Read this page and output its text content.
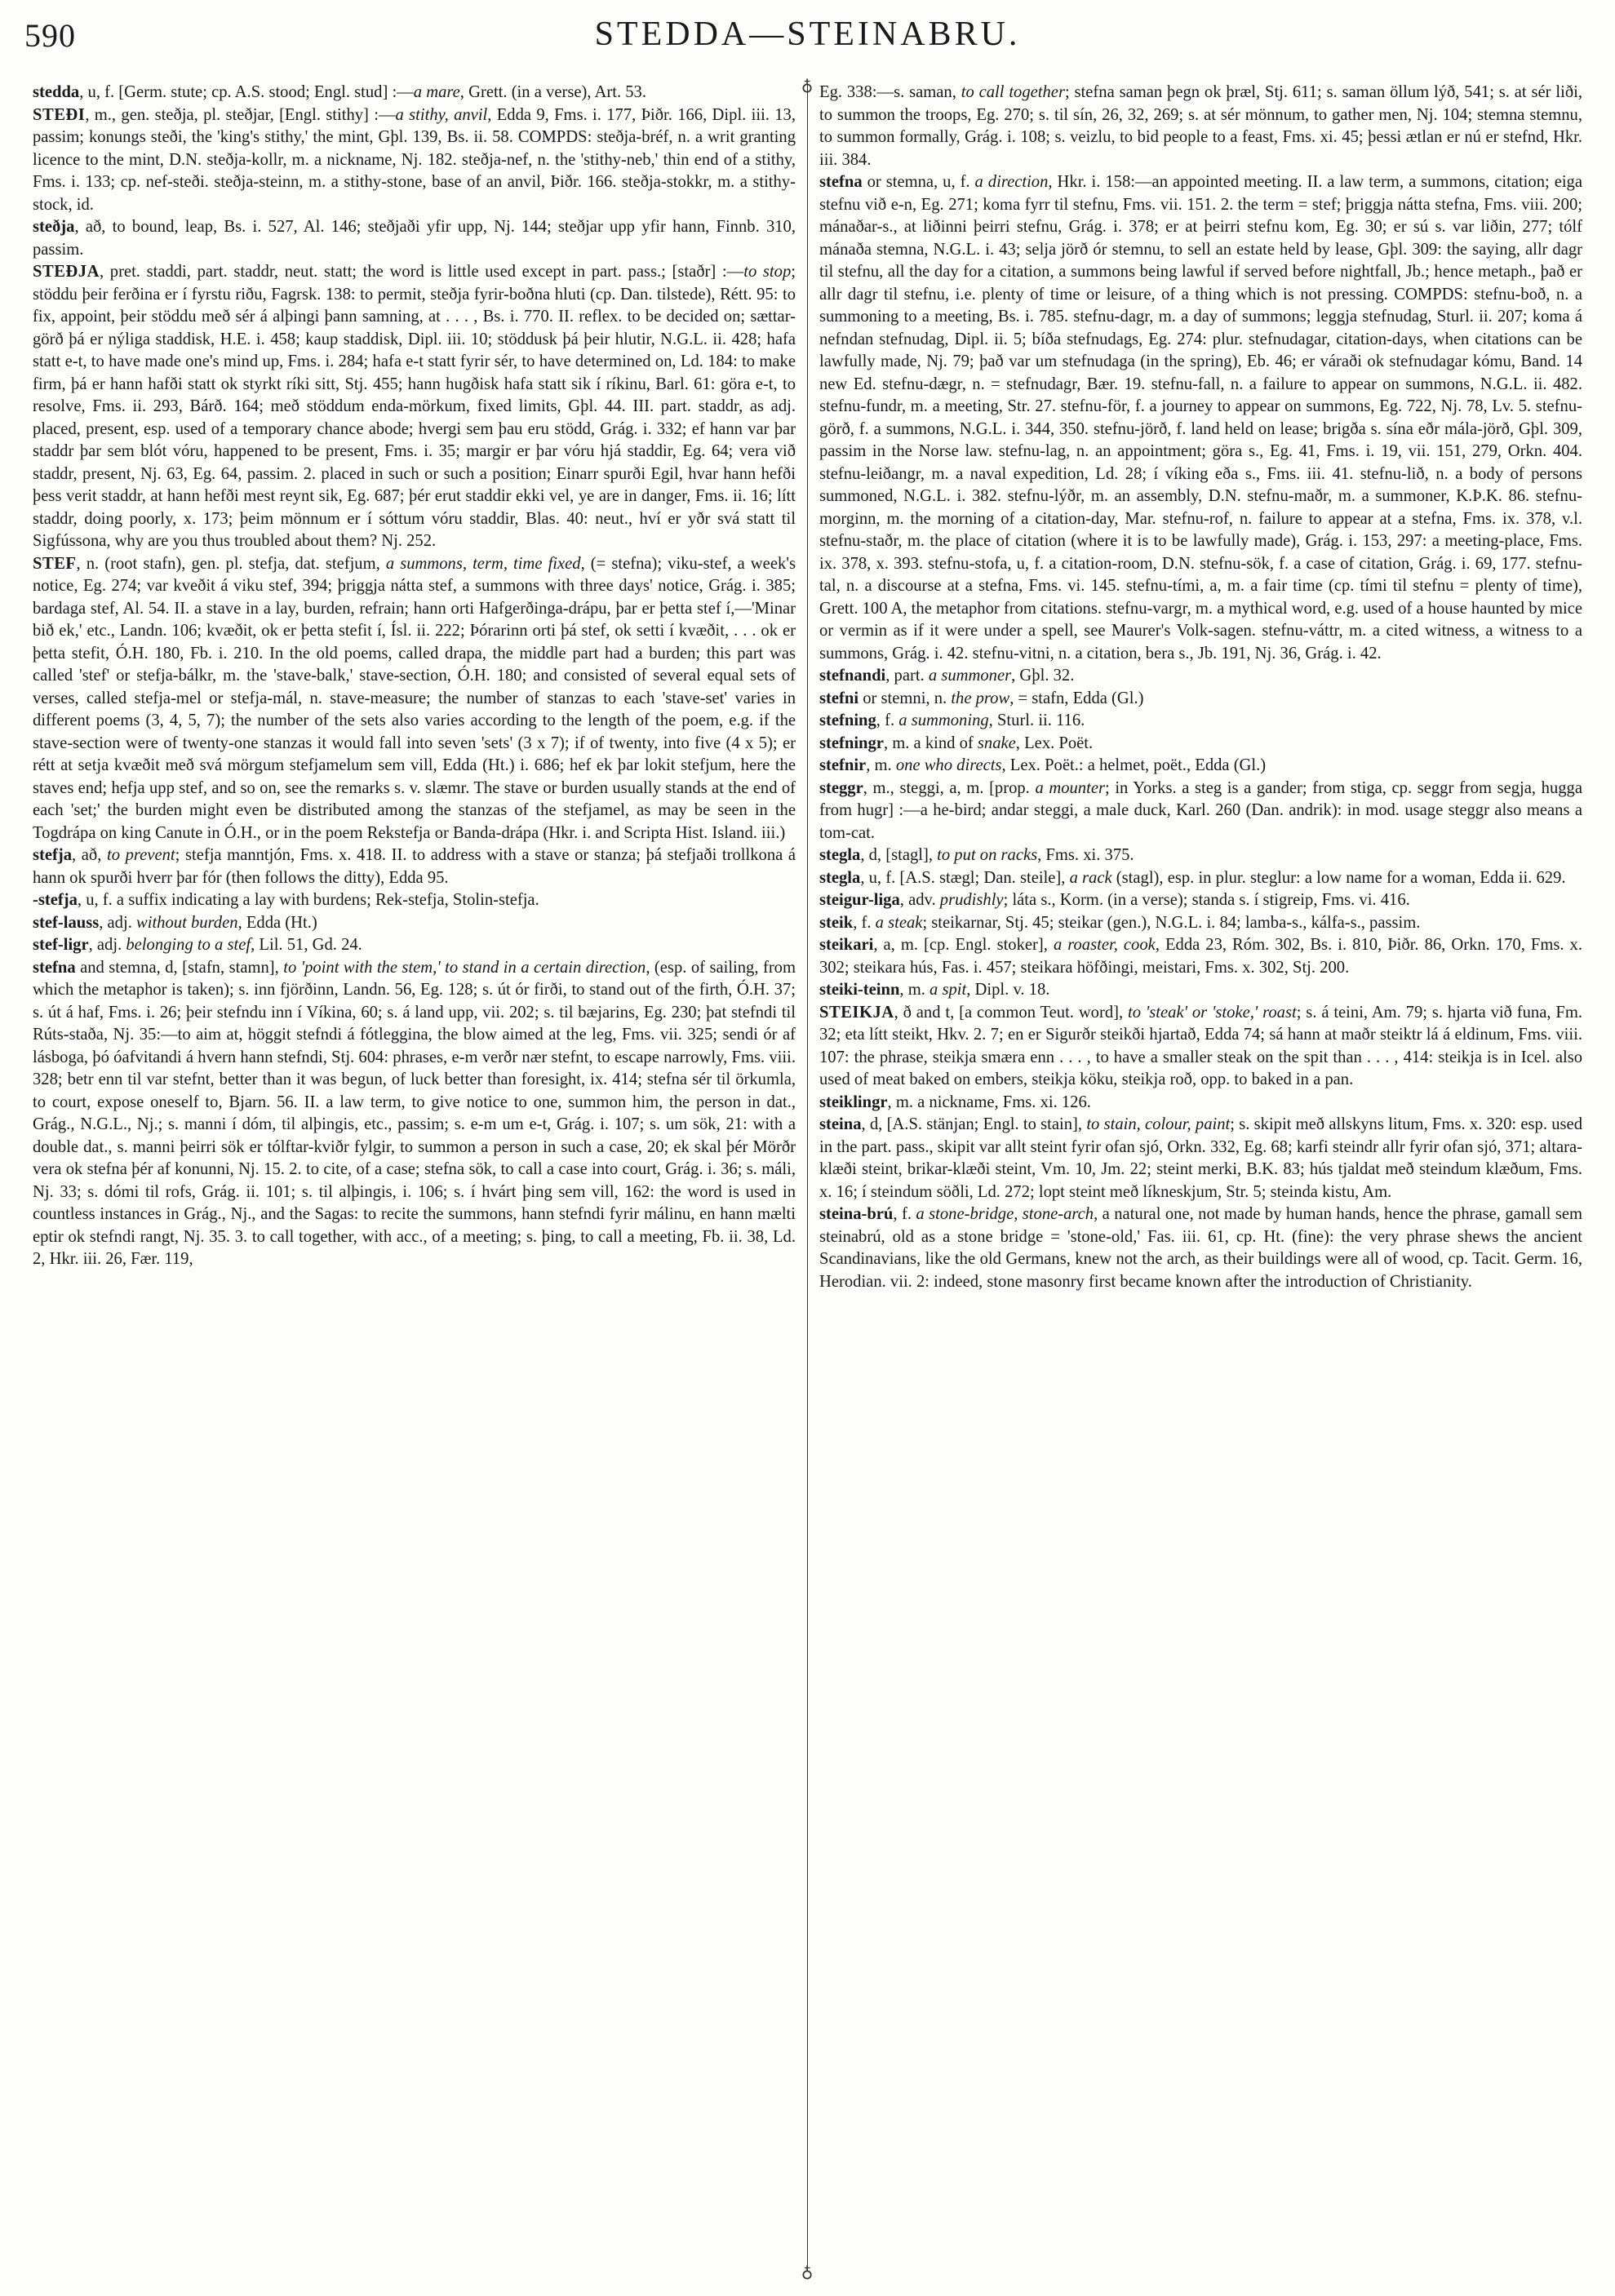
590	STEDDA—STEINABRU.
♁
♁

stedda, u, f. [Germ. stute; cp. A.S. stood; Engl. stud] :—a mare, Grett. (in a verse), Art. 53.

STEÐI, m., gen. steðja, pl. steðjar, [Engl. stithy] :—a stithy, anvil, Edda 9, Fms. i. 177, Þiðr. 166, Dipl. iii. 13, passim; konungs steði, the 'king's stithy,' the mint, Gþl. 139, Bs. ii. 58. COMPDS: steðja-bréf, n. a writ granting licence to the mint, D.N. steðja-kollr, m. a nickname, Nj. 182. steðja-nef, n. the 'stithy-neb,' thin end of a stithy, Fms. i. 133; cp. nef-steði. steðja-steinn, m. a stithy-stone, base of an anvil, Þiðr. 166. steðja-stokkr, m. a stithy-stock, id.

steðja, að, to bound, leap, Bs. i. 527, Al. 146; steðjaði yfir upp, Nj. 144; steðjar upp yfir hann, Finnb. 310, passim.

STEÐJA, pret. staddi, part. staddr, neut. statt; the word is little used except in part. pass.; [staðr] :—to stop; stöddu þeir ferðina er í fyrstu riðu, Fagrsk. 138: to permit, steðja fyrir-boðna hluti (cp. Dan. tilstede), Rétt. 95: to fix, appoint, þeir stöddu með sér á alþingi þann samning, at . . . , Bs. i. 770. II. reflex. to be decided on; sættar-görð þá er nýliga staddisk, H.E. i. 458; kaup staddisk, Dipl. iii. 10; stöddusk þá þeir hlutir, N.G.L. ii. 428; hafa statt e-t, to have made one's mind up, Fms. i. 284; hafa e-t statt fyrir sér, to have determined on, Ld. 184: to make firm, þá er hann hafði statt ok styrkt ríki sitt, Stj. 455; hann hugðisk hafa statt sik í ríkinu, Barl. 61: göra e-t, to resolve, Fms. ii. 293, Bárð. 164; með stöddum enda-mörkum, fixed limits, Gþl. 44. III. part. staddr, as adj. placed, present, esp. used of a temporary chance abode; hvergi sem þau eru stödd, Grág. i. 332; ef hann var þar staddr þar sem blót vóru, happened to be present, Fms. i. 35; margir er þar vóru hjá staddir, Eg. 64; vera við staddr, present, Nj. 63, Eg. 64, passim. 2. placed in such or such a position; Einarr spurði Egil, hvar hann hefði þess verit staddr, at hann hefði mest reynt sik, Eg. 687; þér erut staddir ekki vel, ye are in danger, Fms. ii. 16; lítt staddr, doing poorly, x. 173; þeim mönnum er í sóttum vóru staddir, Blas. 40: neut., hví er yðr svá statt til Sigfússona, why are you thus troubled about them? Nj. 252.

STEF, n. (root stafn), gen. pl. stefja, dat. stefjum, a summons, term, time fixed, (= stefna); viku-stef, a week's notice, Eg. 274; var kveðit á viku stef, 394; þriggja nátta stef, a summons with three days' notice, Grág. i. 385; bardaga stef, Al. 54. II. a stave in a lay, burden, refrain; hann orti Hafgerðinga-drápu, þar er þetta stef í,—'Minar bið ek,' etc., Landn. 106; kvæðit, ok er þetta stefit í, Ísl. ii. 222; Þórarinn orti þá stef, ok setti í kvæðit, . . . ok er þetta stefit, Ó.H. 180, Fb. i. 210. In the old poems, called drapa, the middle part had a burden; this part was called 'stef' or stefja-bálkr, m. the 'stave-balk,' stave-section, Ó.H. 180; and consisted of several equal sets of verses, called stefja-mel or stefja-mál, n. stave-measure; the number of stanzas to each 'stave-set' varies in different poems (3, 4, 5, 7); the number of the sets also varies according to the length of the poem, e.g. if the stave-section were of twenty-one stanzas it would fall into seven 'sets' (3 x 7); if of twenty, into five (4 x 5); er rétt at setja kvæðit með svá mörgum stefjamelum sem vill, Edda (Ht.) i. 686; hef ek þar lokit stefjum, here the staves end; hefja upp stef, and so on, see the remarks s. v. slæmr. The stave or burden usually stands at the end of each 'set;' the burden might even be distributed among the stanzas of the stefjamel, as may be seen in the Togdrápa on king Canute in Ó.H., or in the poem Rekstefja or Banda-drápa (Hkr. i. and Scripta Hist. Island. iii.)

stefja, að, to prevent; stefja manntjón, Fms. x. 418. II. to address with a stave or stanza; þá stefjaði trollkona á hann ok spurði hverr þar fór (then follows the ditty), Edda 95.

-stefja, u, f. a suffix indicating a lay with burdens; Rek-stefja, Stolin-stefja.

stef-lauss, adj. without burden, Edda (Ht.)

stef-ligr, adj. belonging to a stef, Lil. 51, Gd. 24.

stefna and stemna, d, [stafn, stamn], to 'point with the stem,' to stand in a certain direction, (esp. of sailing, from which the metaphor is taken); s. inn fjörðinn, Landn. 56, Eg. 128; s. út ór firði, to stand out of the firth, Ó.H. 37; s. út á haf, Fms. i. 26; þeir stefndu inn í Víkina, 60; s. á land upp, vii. 202; s. til bæjarins, Eg. 230; þat stefndi til Rúts-staða, Nj. 35:—to aim at, höggit stefndi á fótleggina, the blow aimed at the leg, Fms. vii. 325; sendi ór af lásboga, þó óafvitandi á hvern hann stefndi, Stj. 604: phrases, e-m verðr nær stefnt, to escape narrowly, Fms. viii. 328; betr enn til var stefnt, better than it was begun, of luck better than foresight, ix. 414; stefna sér til örkumla, to court, expose oneself to, Bjarn. 56. II. a law term, to give notice to one, summon him, the person in dat., Grág., N.G.L., Nj.; s. manni í dóm, til alþingis, etc., passim; s. e-m um e-t, Grág. i. 107; s. um sök, 21: with a double dat., s. manni þeirri sök er tólftar-kviðr fylgir, to summon a person in such a case, 20; ek skal þér Mörðr vera ok stefna þér af konunni, Nj. 15. 2. to cite, of a case; stefna sök, to call a case into court, Grág. i. 36; s. máli, Nj. 33; s. dómi til rofs, Grág. ii. 101; s. til alþingis, i. 106; s. í hvárt þing sem vill, 162: the word is used in countless instances in Grág., Nj., and the Sagas: to recite the summons, hann stefndi fyrir málinu, en hann mælti eptir ok stefndi rangt, Nj. 35. 3. to call together, with acc., of a meeting; s. þing, to call a meeting, Fb. ii. 38, Ld. 2, Hkr. iii. 26, Fær. 119,

Eg. 338:—s. saman, to call together; stefna saman þegn ok þræl, Stj. 611; s. saman öllum lýð, 541; s. at sér liði, to summon the troops, Eg. 270; s. til sín, 26, 32, 269; s. at sér mönnum, to gather men, Nj. 104; stemna stemnu, to summon formally, Grág. i. 108; s. veizlu, to bid people to a feast, Fms. xi. 45; þessi ætlan er nú er stefnd, Hkr. iii. 384.

stefna or stemna, u, f. a direction, Hkr. i. 158:—an appointed meeting. II. a law term, a summons, citation; eiga stefnu við e-n, Eg. 271; koma fyrr til stefnu, Fms. vii. 151. 2. the term = stef; þriggja nátta stefna, Fms. viii. 200; mánaðar-s., at liðinni þeirri stefnu, Grág. i. 378; er at þeirri stefnu kom, Eg. 30; er sú s. var liðin, 277; tólf mánaða stemna, N.G.L. i. 43; selja jörð ór stemnu, to sell an estate held by lease, Gþl. 309: the saying, allr dagr til stefnu, all the day for a citation, a summons being lawful if served before nightfall, Jb.; hence metaph., það er allr dagr til stefnu, i.e. plenty of time or leisure, of a thing which is not pressing. COMPDS: stefnu-boð, n. a summoning to a meeting, Bs. i. 785. stefnu-dagr, m. a day of summons; leggja stefnudag, Sturl. ii. 207; koma á nefndan stefnudag, Dipl. ii. 5; bíða stefnudags, Eg. 274: plur. stefnudagar, citation-days, when citations can be lawfully made, Nj. 79; það var um stefnudaga (in the spring), Eb. 46; er váraði ok stefnudagar kómu, Band. 14 new Ed. stefnu-dægr, n. = stefnudagr, Bær. 19. stefnu-fall, n. a failure to appear on summons, N.G.L. ii. 482. stefnu-fundr, m. a meeting, Str. 27. stefnu-för, f. a journey to appear on summons, Eg. 722, Nj. 78, Lv. 5. stefnu-görð, f. a summons, N.G.L. i. 344, 350. stefnu-jörð, f. land held on lease; brigða s. sína eðr mála-jörð, Gþl. 309, passim in the Norse law. stefnu-lag, n. an appointment; göra s., Eg. 41, Fms. i. 19, vii. 151, 279, Orkn. 404. stefnu-leiðangr, m. a naval expedition, Ld. 28; í víking eða s., Fms. iii. 41. stefnu-lið, n. a body of persons summoned, N.G.L. i. 382. stefnu-lýðr, m. an assembly, D.N. stefnu-maðr, m. a summoner, K.Þ.K. 86. stefnu-morginn, m. the morning of a citation-day, Mar. stefnu-rof, n. failure to appear at a stefna, Fms. ix. 378, v.l. stefnu-staðr, m. the place of citation (where it is to be lawfully made), Grág. i. 153, 297: a meeting-place, Fms. ix. 378, x. 393. stefnu-stofa, u, f. a citation-room, D.N. stefnu-sök, f. a case of citation, Grág. i. 69, 177. stefnu-tal, n. a discourse at a stefna, Fms. vi. 145. stefnu-tími, a, m. a fair time (cp. tími til stefnu = plenty of time), Grett. 100 A, the metaphor from citations. stefnu-vargr, m. a mythical word, e.g. used of a house haunted by mice or vermin as if it were under a spell, see Maurer's Volk-sagen. stefnu-váttr, m. a cited witness, a witness to a summons, Grág. i. 42. stefnu-vitni, n. a citation, bera s., Jb. 191, Nj. 36, Grág. i. 42.

stefnandi, part. a summoner, Gþl. 32.

stefni or stemni, n. the prow, = stafn, Edda (Gl.)

stefning, f. a summoning, Sturl. ii. 116.

stefningr, m. a kind of snake, Lex. Poët.

stefnir, m. one who directs, Lex. Poët.: a helmet, poët., Edda (Gl.)

steggr, m., steggi, a, m. [prop. a mounter; in Yorks. a steg is a gander; from stiga, cp. seggr from segja, hugga from hugr] :—a he-bird; andar steggi, a male duck, Karl. 260 (Dan. andrik): in mod. usage steggr also means a tom-cat.

stegla, d, [stagl], to put on racks, Fms. xi. 375.

stegla, u, f. [A.S. stægl; Dan. steile], a rack (stagl), esp. in plur. steglur: a low name for a woman, Edda ii. 629.

steigur-liga, adv. prudishly; láta s., Korm. (in a verse); standa s. í stigreip, Fms. vi. 416.

steik, f. a steak; steikarnar, Stj. 45; steikar (gen.), N.G.L. i. 84; lamba-s., kálfa-s., passim.

steikari, a, m. [cp. Engl. stoker], a roaster, cook, Edda 23, Róm. 302, Bs. i. 810, Þiðr. 86, Orkn. 170, Fms. x. 302; steikara hús, Fas. i. 457; steikara höfðingi, meistari, Fms. x. 302, Stj. 200.

steiki-teinn, m. a spit, Dipl. v. 18.

STEIKJA, ð and t, [a common Teut. word], to 'steak' or 'stoke,' roast; s. á teini, Am. 79; s. hjarta við funa, Fm. 32; eta lítt steikt, Hkv. 2. 7; en er Sigurðr steikði hjartað, Edda 74; sá hann at maðr steiktr lá á eldinum, Fms. viii. 107: the phrase, steikja smæra enn . . . , to have a smaller steak on the spit than . . . , 414: steikja is in Icel. also used of meat baked on embers, steikja köku, steikja roð, opp. to baked in a pan.

steiklingr, m. a nickname, Fms. xi. 126.

steina, d, [A.S. stänjan; Engl. to stain], to stain, colour, paint; s. skipit með allskyns litum, Fms. x. 320: esp. used in the part. pass., skipit var allt steint fyrir ofan sjó, Orkn. 332, Eg. 68; karfi steindr allr fyrir ofan sjó, 371; altara-klæði steint, brikar-klæði steint, Vm. 10, Jm. 22; steint merki, B.K. 83; hús tjaldat með steindum klæðum, Fms. x. 16; í steindum söðli, Ld. 272; lopt steint með líkneskjum, Str. 5; steinda kistu, Am.

steina-brú, f. a stone-bridge, stone-arch, a natural one, not made by human hands, hence the phrase, gamall sem steinabrú, old as a stone bridge = 'stone-old,' Fas. iii. 61, cp. Ht. (fine): the very phrase shews the ancient Scandinavians, like the old Germans, knew not the arch, as their buildings were all of wood, cp. Tacit. Germ. 16, Herodian. vii. 2: indeed, stone masonry first became known after the introduction of Christianity.
